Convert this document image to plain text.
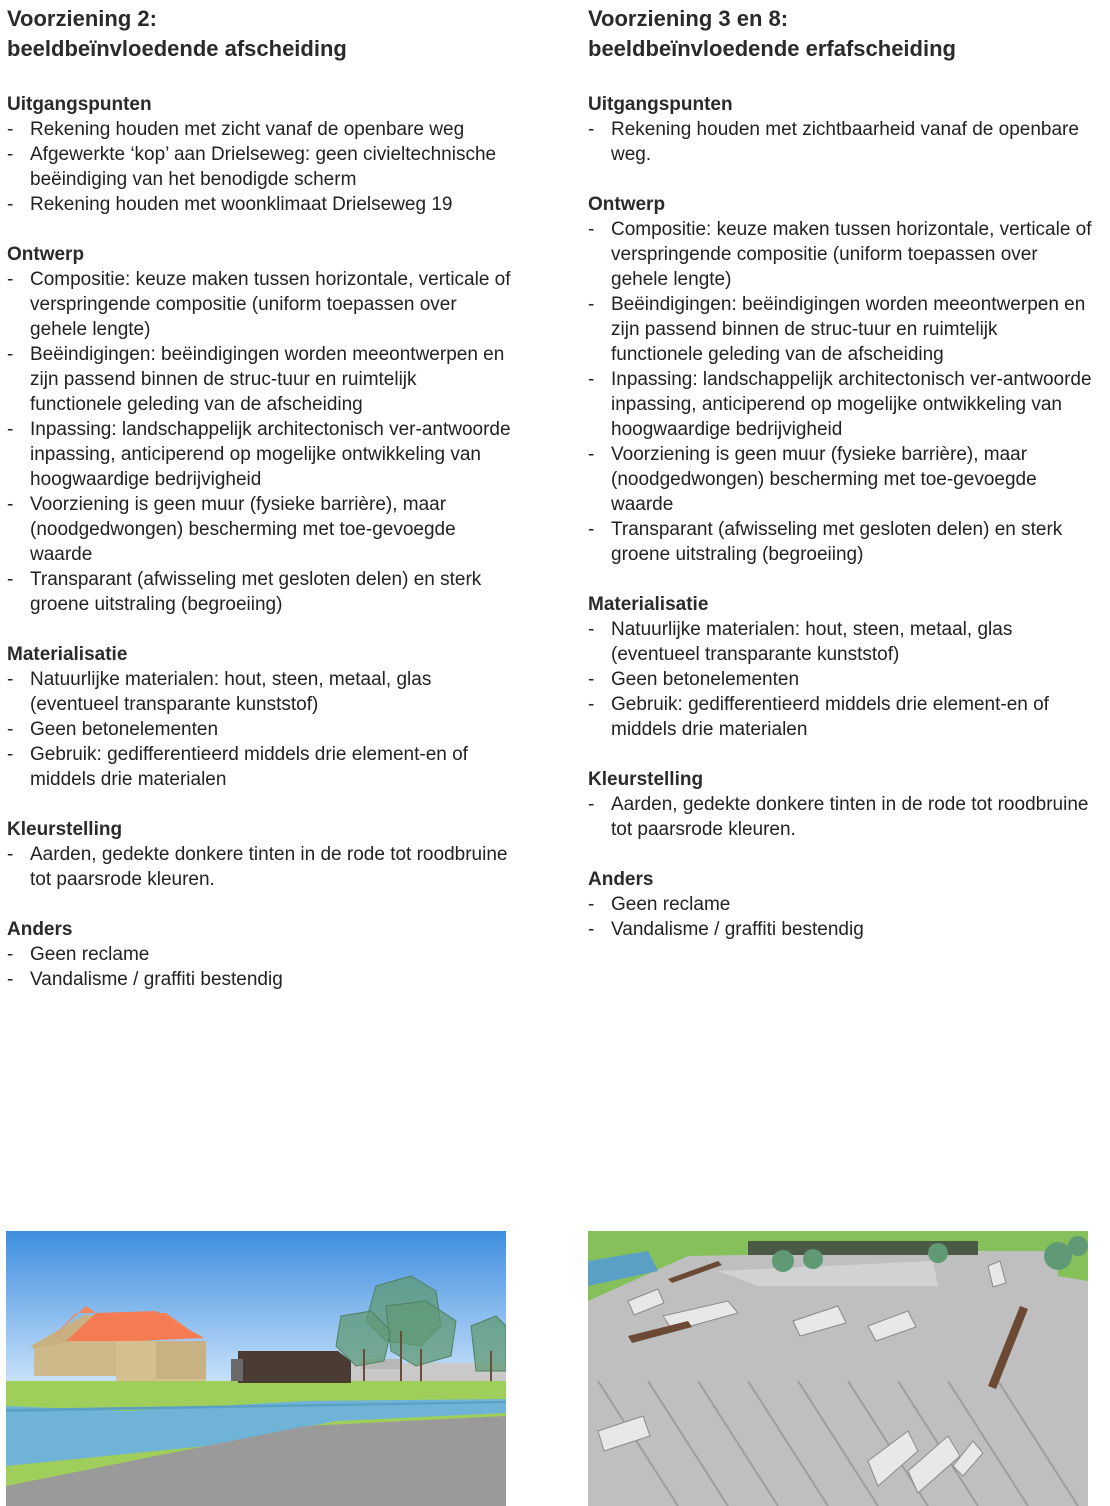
Voorziening 2:
beeldbeïnvloedende afscheiding
Uitgangspunten
- Rekening houden met zicht vanaf de openbare weg
- Afgewerkte ‘kop’ aan Drielseweg: geen civieltechnische beëindiging van het benodigde scherm
- Rekening houden met woonklimaat Drielseweg 19
Ontwerp
- Compositie: keuze maken tussen horizontale, verticale of verspringende compositie (uniform toepassen over gehele lengte)
- Beëindigingen: beëindigingen worden meeontwerpen en zijn passend binnen de struc-tuur en ruimtelijk functionele geleding van de afscheiding
- Inpassing: landschappelijk architectonisch ver-antwoorde inpassing, anticiperend op mogelijke ontwikkeling van hoogwaardige bedrijvigheid
- Voorziening is geen muur (fysieke barrière), maar (noodgedwongen) bescherming met toe-gevoegde waarde
- Transparant (afwisseling met gesloten delen) en sterk groene uitstraling (begroeiing)
Materialisatie
- Natuurlijke materialen: hout, steen, metaal, glas (eventueel transparante kunststof)
- Geen betonelementen
- Gebruik: gedifferentieerd middels drie element-en of middels drie materialen
Kleurstelling
- Aarden, gedekte donkere tinten in de rode tot roodbruine tot paarsrode kleuren.
Anders
- Geen reclame
- Vandalisme / graffiti bestendig
Voorziening 3 en 8:
beeldbeïnvloedende erfafscheiding
Uitgangspunten
- Rekening houden met zichtbaarheid vanaf de openbare weg.
Ontwerp
- Compositie: keuze maken tussen horizontale, verticale of verspringende compositie (uniform toepassen over gehele lengte)
- Beëindigingen: beëindigingen worden meeontwerpen en zijn passend binnen de struc-tuur en ruimtelijk functionele geleding van de afscheiding
- Inpassing: landschappelijk architectonisch ver-antwoorde inpassing, anticiperend op mogelijke ontwikkeling van hoogwaardige bedrijvigheid
- Voorziening is geen muur (fysieke barrière), maar (noodgedwongen) bescherming met toe-gevoegde waarde
- Transparant (afwisseling met gesloten delen) en sterk groene uitstraling (begroeiing)
Materialisatie
- Natuurlijke materialen: hout, steen, metaal, glas (eventueel transparante kunststof)
- Geen betonelementen
- Gebruik: gedifferentieerd middels drie element-en of middels drie materialen
Kleurstelling
- Aarden, gedekte donkere tinten in de rode tot roodbruine tot paarsrode kleuren.
Anders
- Geen reclame
- Vandalisme / graffiti bestendig
